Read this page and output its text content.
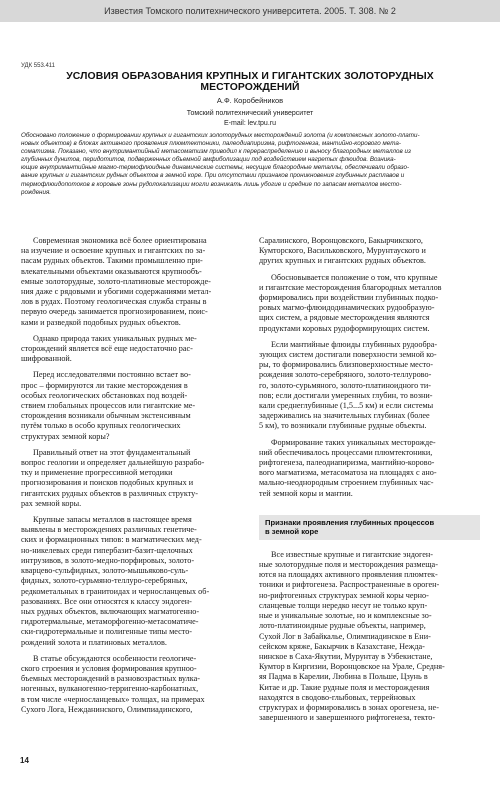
Известия Томского политехнического университета. 2005. Т. 308. № 2
УДК 553.411
УСЛОВИЯ ОБРАЗОВАНИЯ КРУПНЫХ И ГИГАНТСКИХ ЗОЛОТОРУДНЫХ МЕСТОРОЖДЕНИЙ
А.Ф. Коробейников
Томский политехнический университет
E-mail: lev.tpu.ru
Обосновано положение о формировании крупных и гигантских золоторудных месторождений золота (и комплексных золото-плати-
новых объектов) в блоках активного проявления плюмтектоники, палеодиапиризма, рифтогенеза, мантийно-корового мета-
соматизма. Показано, что внутримантийный метасоматизм приводил к перераспределению и выносу благородных металлов из
глубинных дунитов, перидотитов, подверженных объемной амфиболизации под воздействием нагретых флюидов. Возника-
ющие внутримантийные магмо-термофлюидные динамические системы, несущие благородные металлы, обеспечивали образо-
вание крупных и гигантских рудных объектов в земной коре. При отсутствии признаков проникновения глубинных расплавов и
термофлюидопотоков в коровые зоны рудолокализации могли возникать лишь убогие и средние по запасам металлов место-
рождения.
Современная экономика всё более ориентирована
на изучение и освоение крупных и гигантских по за-
пасам рудных объектов. Такими промышленно при-
влекательными объектами оказываются крупнообъ-
емные золоторудные, золото-платиновые месторожде-
ния даже с рядовыми и убогими содержаниями метал-
лов в рудах. Поэтому геологическая служба страны в
первую очередь занимается прогнозированием, поис-
ками и разведкой подобных рудных объектов.
Однако природа таких уникальных рудных ме-
сторождений является всё еще недостаточно рас-
шифрованной.
Перед исследователями постоянно встает во-
прос – формируются ли такие месторождения в
особых геологических обстановках под воздей-
ствием глобальных процессов или гигантские ме-
сторождения возникали обычным экстенсивным
путём только в особо крупных геологических
структурах земной коры?
Правильный ответ на этот фундаментальный
вопрос геологии и определяет дальнейшую разрабо-
тку и применение прогрессивной методики
прогнозирования и поисков подобных крупных и
гигантских рудных объектов в различных структу-
рах земной коры.
Крупные запасы металлов в настоящее время
выявлены в месторождениях различных генетиче-
ских и формационных типов: в магматических мед-
но-никелевых среди гипербазит-базит-щелочных
интрузивов, в золото-медно-порфировых, золото-
кварцево-сульфидных, золото-мышьяково-суль-
фидных, золото-сурьмяно-теллуро-серебряных,
редкометальных в гранитоидах и черносланцевых об-
разованиях. Все они относятся к классу эндоген-
ных рудных объектов, включающих магматогенно-
гидротермальные, метаморфогенно-метасоматиче-
ски-гидротермальные и полигенные типы место-
рождений золота и платиновых металлов.
В статье обсуждаются особенности геологиче-
ского строения и условия формирования крупноо-
бъемных месторождений в разновозрастных вулка-
ногенных, вулканогенно-терригенно-карбонатных,
в том числе «черносланцевых» толщах, на примерах
Сухого Лога, Нежданинского, Олимпиадинского,
Саралинского, Воронцовского, Бакырчикского,
Кумторского, Васильковского, Мурунтауского и
других крупных и гигантских рудных объектов.
Обосновывается положение о том, что крупные
и гигантские месторождения благородных металлов
формировались при воздействии глубинных подко-
ровых магмо-флюидодинамических рудообразую-
щих систем, а рядовые месторождения являются
продуктами коровых рудоформирующих систем.
Если мантийные флюиды глубинных рудообра-
зующих систем достигали поверхности земной ко-
ры, то формировались близповерхностные место-
рождения золото-серебряного, золото-теллурово-
го, золото-сурьмяного, золото-платиноидного ти-
пов; если достигали умеренных глубин, то возни-
кали среднеглубинные (1,5...5 км) и если системы
задерживались на значительных глубинах (более
5 км), то возникали глубинные рудные объекты.
Формирование таких уникальных месторожде-
ний обеспечивалось процессами плюмтектоники,
рифтогенеза, палеодиапиризма, мантийно-корово-
вого магматизма, метасоматоза на площадях с ано-
мально-неоднородным строением глубинных час-
тей земной коры и мантии.
Признаки проявления глубинных процессов
в земной коре
Все известные крупные и гигантские эндоген-
ные золоторудные поля и месторождения размеща-
ются на площадях активного проявления плюмтек-
тоники и рифтогенеза. Распространенные в ороген-
но-рифтогенных структурах земной коры черно-
сланцевые толщи нередко несут не только круп-
ные и уникальные золотые, но и комплексные зо-
лото-платиноидные рудные объекты, например,
Сухой Лог в Забайкалье, Олимпиадинское в Ени-
сейском кряже, Бакырчик в Казахстане, Нежда-
нинское в Саха-Якутии, Мурунтау в Узбекистане,
Кумтор в Киргизии, Воронцовское на Урале, Средня-
яя Падма в Карелии, Любина в Польше, Цзунь в
Китае и др. Такие рудные поля и месторождения
находятся в сводово-глыбовых, террейновых
структурах и формировались в зонах орогенеза, не-
завершенного и завершенного рифтогенеза, текто-
14
